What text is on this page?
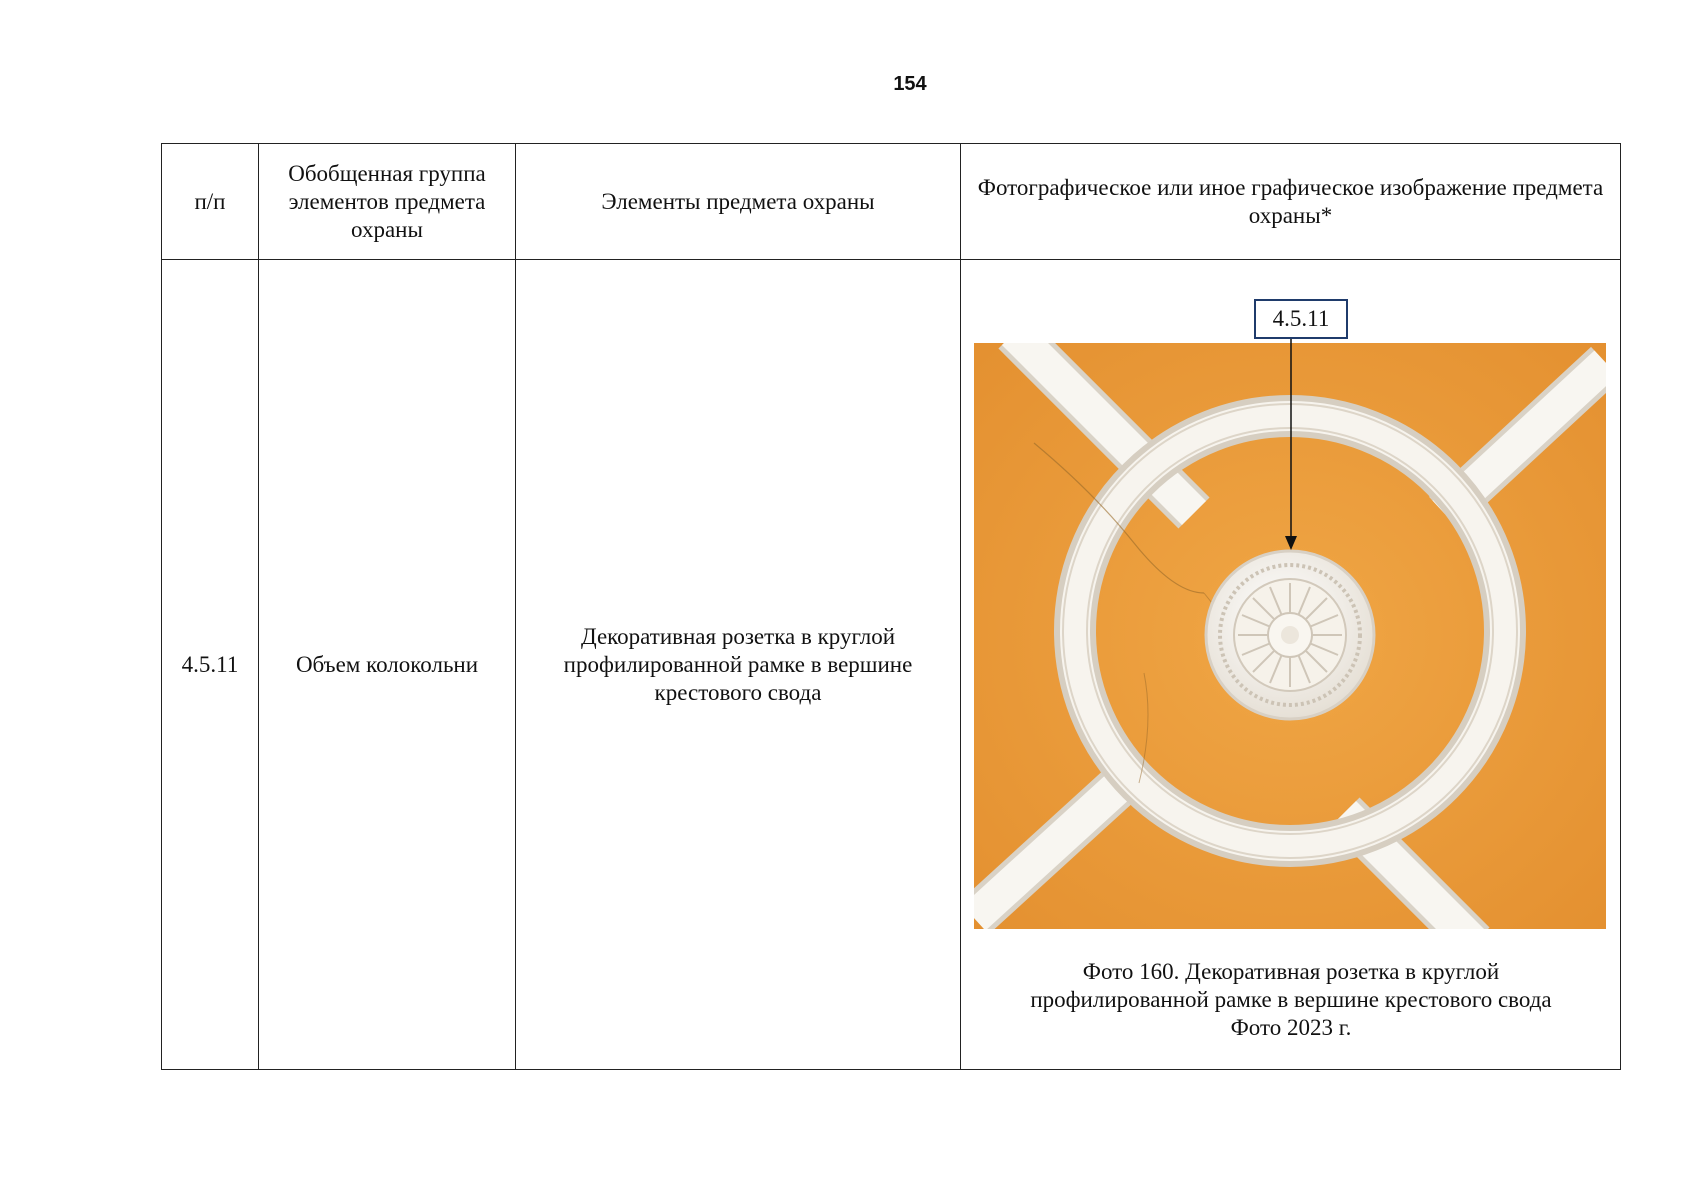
154
п/п	Обобщенная группа элементов предмета охраны	Элементы предмета охраны	Фотографическое или иное графическое изображение предмета охраны*
4.5.11	Объем колокольни	Декоративная розетка в круглой профилированной рамке в вершине крестового свода	4.5.11
Фото 160. Декоративная розетка в круглой
профилированной рамке в вершине крестового свода
Фото 2023 г.
